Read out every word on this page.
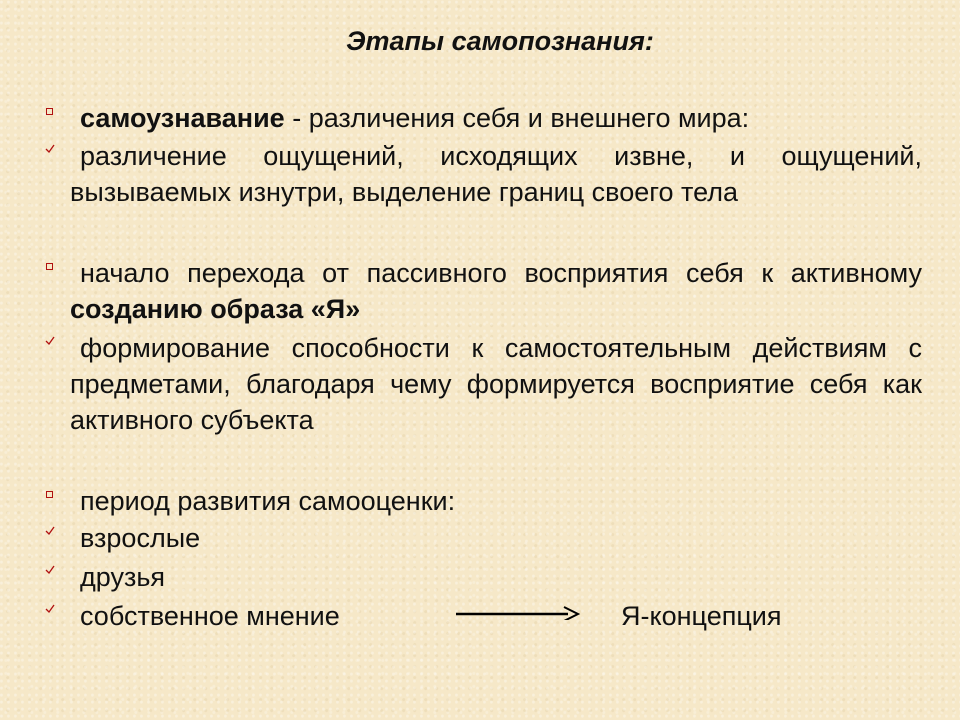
Этапы самопознания:
самоузнавание - различения себя и внешнего мира:
различение ощущений, исходящих извне, и ощущений, вызываемых изнутри, выделение границ своего тела
начало перехода от пассивного восприятия себя к активному созданию образа «Я»
формирование способности к самостоятельным действиям с предметами, благодаря чему формируется восприятие себя как активного субъекта
период развития самооценки:
взрослые
друзья
собственное мнение	Я-концепция
